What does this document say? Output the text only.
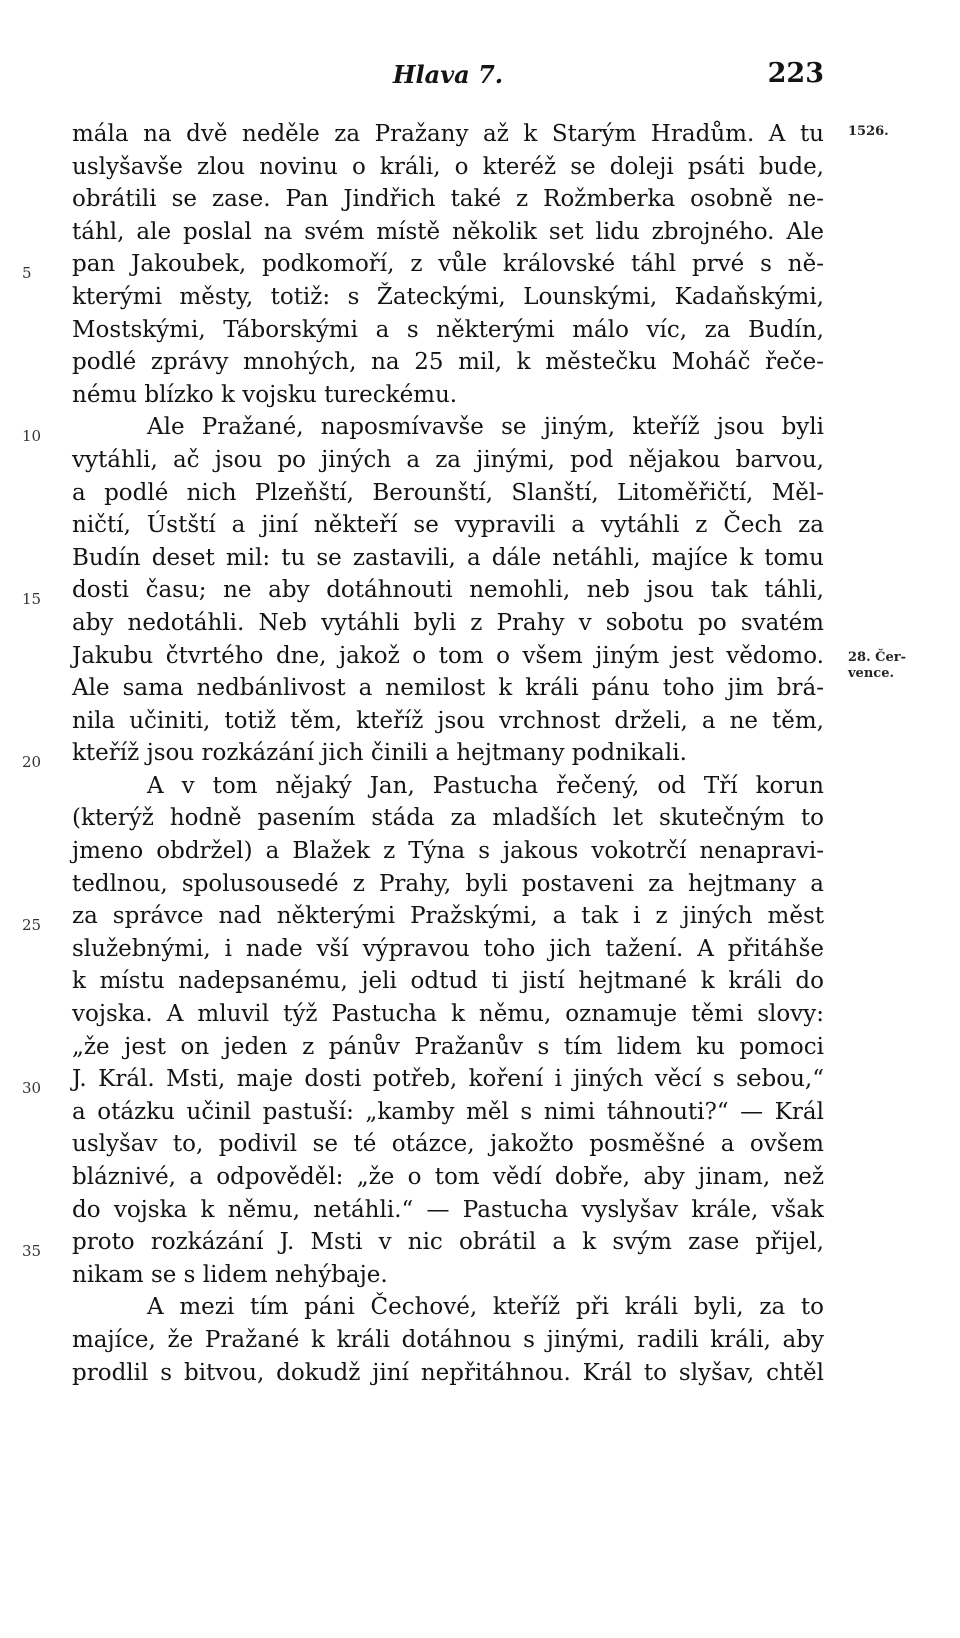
Hlava 7.	223
1526.
28. Čer-
vence.
5
10
15
20
25
30
35
mála na dvě neděle za Pražany až k Starým Hradům. A tu
uslyšavše zlou novinu o králi, o kteréž se doleji psáti bude,
obrátili se zase. Pan Jindřich také z Rožmberka osobně ne-
táhl, ale poslal na svém místě několik set lidu zbrojného. Ale
pan Jakoubek, podkomoří, z vůle královské táhl prvé s ně-
kterými městy, totiž: s Žateckými, Lounskými, Kadaňskými,
Mostskými, Táborskými a s některými málo víc, za Budín,
podlé zprávy mnohých, na 25 mil, k městečku Moháč řeče-
nému blízko k vojsku tureckému.
Ale Pražané, naposmívavše se jiným, kteříž jsou byli
vytáhli, ač jsou po jiných a za jinými, pod nějakou barvou,
a podlé nich Plzeňští, Berounští, Slanští, Litoměřičtí, Měl-
ničtí, Ústští a jiní někteří se vypravili a vytáhli z Čech za
Budín deset mil: tu se zastavili, a dále netáhli, majíce k tomu
dosti času; ne aby dotáhnouti nemohli, neb jsou tak táhli,
aby nedotáhli. Neb vytáhli byli z Prahy v sobotu po svatém
Jakubu čtvrtého dne, jakož o tom o všem jiným jest vědomo.
Ale sama nedbánlivost a nemilost k králi pánu toho jim brá-
nila učiniti, totiž těm, kteříž jsou vrchnost drželi, a ne těm,
kteříž jsou rozkázání jich činili a hejtmany podnikali.
A v tom nějaký Jan, Pastucha řečený, od Tří korun
(kterýž hodně pasením stáda za mladších let skutečným to
jmeno obdržel) a Blažek z Týna s jakous vokotrčí nenapravi-
tedlnou, spolusousedé z Prahy, byli postaveni za hejtmany a
za správce nad některými Pražskými, a tak i z jiných měst
služebnými, i nade vší výpravou toho jich tažení. A přitáhše
k místu nadepsanému, jeli odtud ti jistí hejtmané k králi do
vojska. A mluvil týž Pastucha k němu, oznamuje těmi slovy:
„že jest on jeden z pánův Pražanův s tím lidem ku pomoci
J. Král. Msti, maje dosti potřeb, koření i jiných věcí s sebou,“
a otázku učinil pastuší: „kamby měl s nimi táhnouti?“ — Král
uslyšav to, podivil se té otázce, jakožto posměšné a ovšem
bláznivé, a odpověděl: „že o tom vědí dobře, aby jinam, než
do vojska k němu, netáhli.“ — Pastucha vyslyšav krále, však
proto rozkázání J. Msti v nic obrátil a k svým zase přijel,
nikam se s lidem nehýbaje.
A mezi tím páni Čechové, kteříž při králi byli, za to
majíce, že Pražané k králi dotáhnou s jinými, radili králi, aby
prodlil s bitvou, dokudž jiní nepřitáhnou. Král to slyšav, chtěl
